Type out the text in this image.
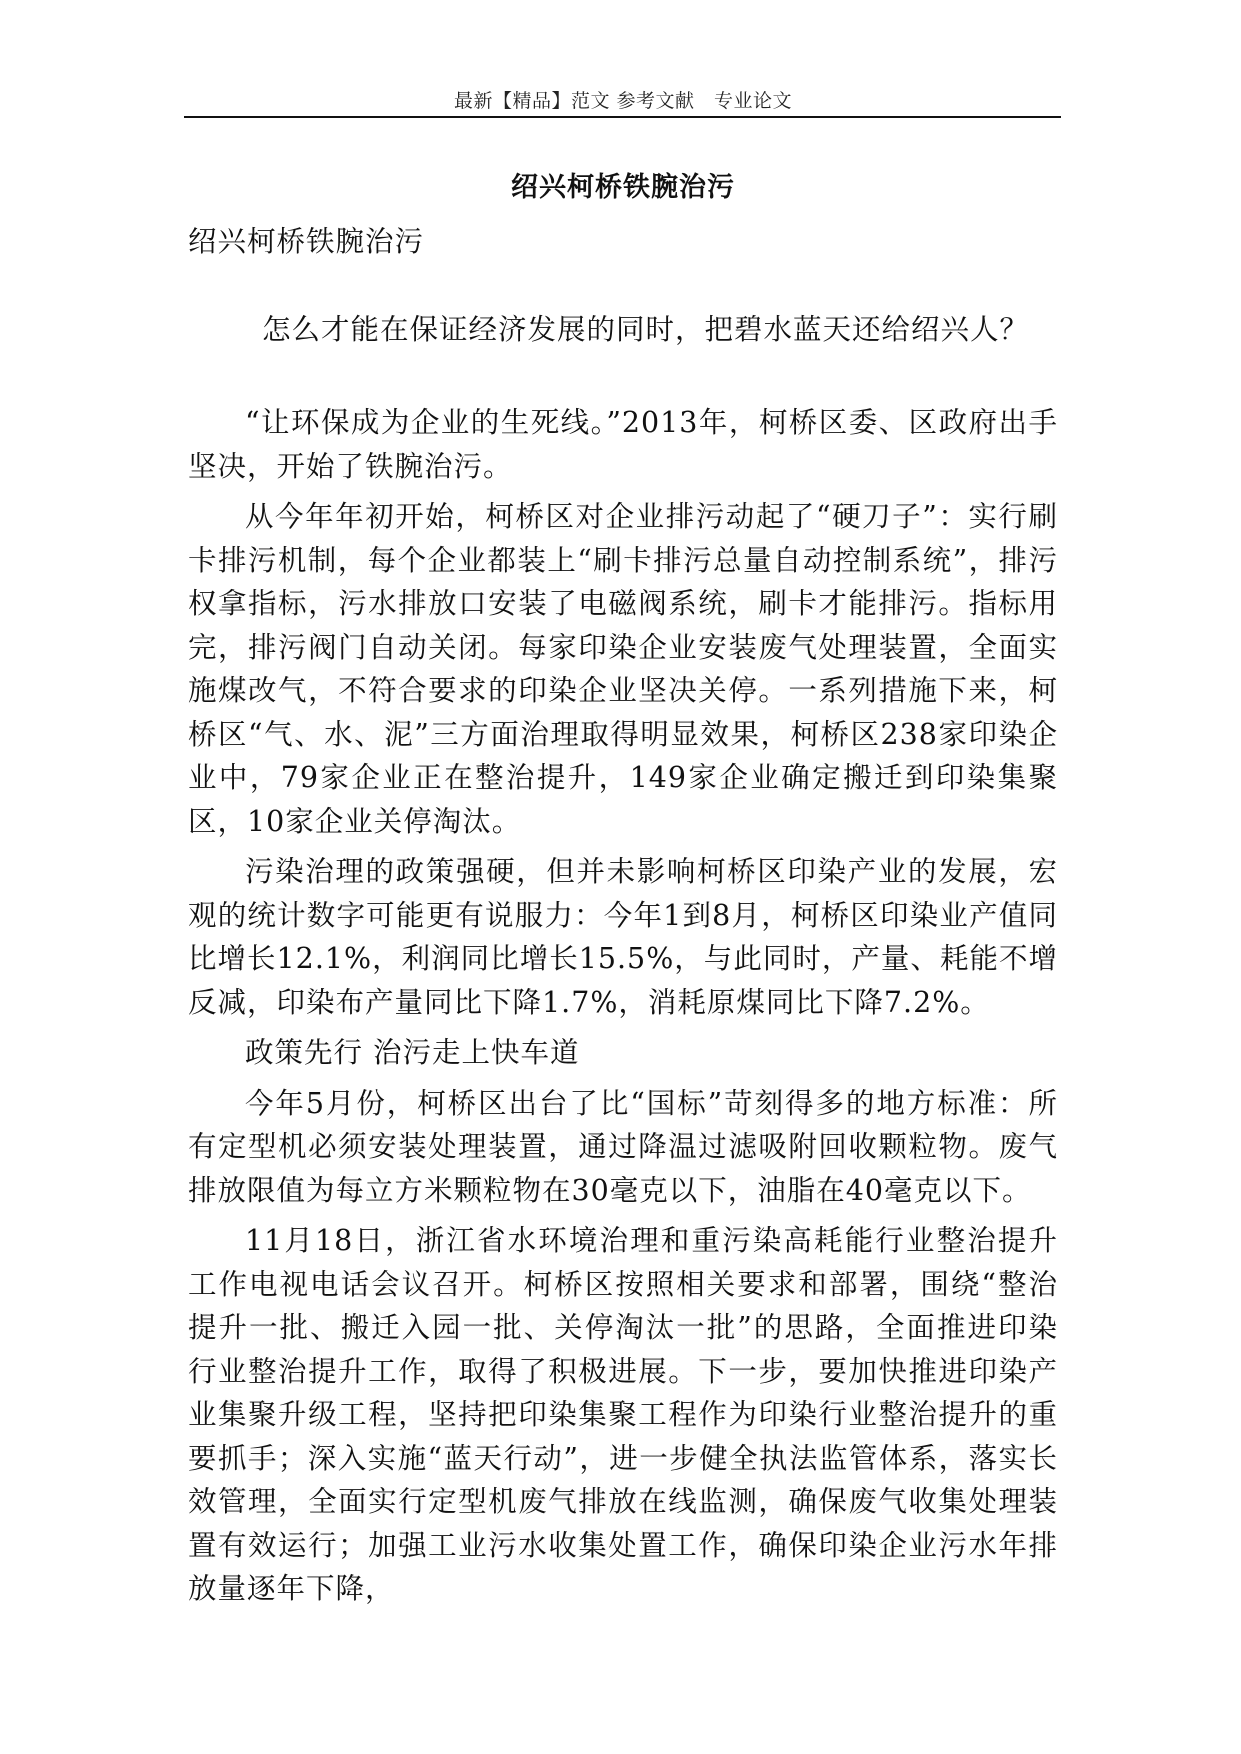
最新【精品】范文 参考文献　专业论文
绍兴柯桥铁腕治污

绍兴柯桥铁腕治污

怎么才能在保证经济发展的同时，把碧水蓝天还给绍兴人？

“让环保成为企业的生死线。”2013年，柯桥区委、区政府出手坚决，开始了铁腕治污。

从今年年初开始，柯桥区对企业排污动起了“硬刀子”：实行刷卡排污机制，每个企业都装上“刷卡排污总量自动控制系统”，排污权拿指标，污水排放口安装了电磁阀系统，刷卡才能排污。指标用完，排污阀门自动关闭。每家印染企业安装废气处理装置，全面实施煤改气，不符合要求的印染企业坚决关停。一系列措施下来，柯桥区“气、水、泥”三方面治理取得明显效果，柯桥区238家印染企业中，79家企业正在整治提升，149家企业确定搬迁到印染集聚区，10家企业关停淘汰。

污染治理的政策强硬，但并未影响柯桥区印染产业的发展，宏观的统计数字可能更有说服力：今年1到8月，柯桥区印染业产值同比增长12.1%，利润同比增长15.5%，与此同时，产量、耗能不增反减，印染布产量同比下降1.7%，消耗原煤同比下降7.2%。

政策先行 治污走上快车道

今年5月份，柯桥区出台了比“国标”苛刻得多的地方标准：所有定型机必须安装处理装置，通过降温过滤吸附回收颗粒物。废气排放限值为每立方米颗粒物在30毫克以下，油脂在40毫克以下。

11月18日，浙江省水环境治理和重污染高耗能行业整治提升工作电视电话会议召开。柯桥区按照相关要求和部署，围绕“整治提升一批、搬迁入园一批、关停淘汰一批”的思路，全面推进印染行业整治提升工作，取得了积极进展。下一步，要加快推进印染产业集聚升级工程，坚持把印染集聚工程作为印染行业整治提升的重要抓手；深入实施“蓝天行动”，进一步健全执法监管体系，落实长效管理，全面实行定型机废气排放在线监测，确保废气收集处理装置有效运行；加强工业污水收集处置工作，确保印染企业污水年排放量逐年下降，
